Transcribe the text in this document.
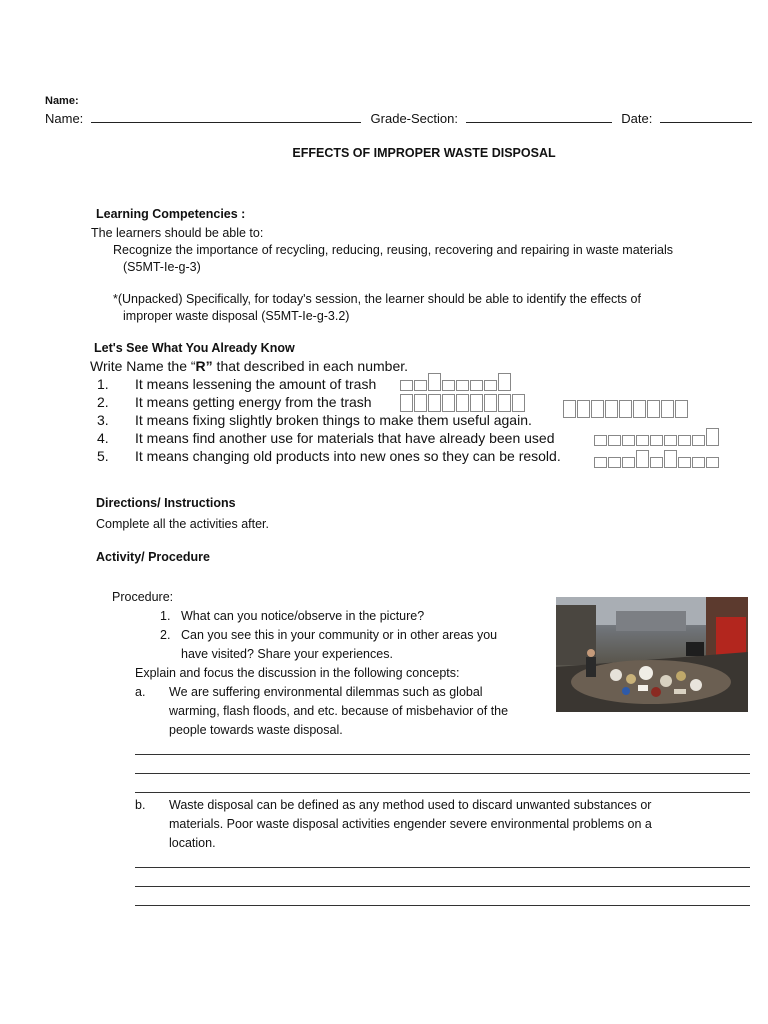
Name:
Name:	Grade-Section:	Date:
EFFECTS OF IMPROPER WASTE DISPOSAL
Learning Competencies :
The learners should be able to:
Recognize the importance of recycling, reducing, reusing, recovering and repairing in waste materials
(S5MT-Ie-g-3)
*(Unpacked) Specifically, for today's session, the learner should be able to identify the effects of
improper waste disposal (S5MT-Ie-g-3.2)
Let's See What You Already Know
Write Name the “R” that described in each number.
1. It means lessening the amount of trash
2. It means getting energy from the trash
3. It means fixing slightly broken things to make them useful again.
4. It means find another use for materials that have already been used
5. It means changing old products into new ones so they can be resold.
Directions/ Instructions
Complete all the activities after.
Activity/ Procedure
Procedure:
1. What can you notice/observe in the picture?
2. Can you see this in your community or in other areas you
have visited? Share your experiences.
Explain and focus the discussion in the following concepts:
a. We are suffering environmental dilemmas such as global
warming, flash floods, and etc. because of misbehavior of the
people towards waste disposal.
b. Waste disposal can be defined as any method used to discard unwanted substances or
materials. Poor waste disposal activities engender severe environmental problems on a
location.
